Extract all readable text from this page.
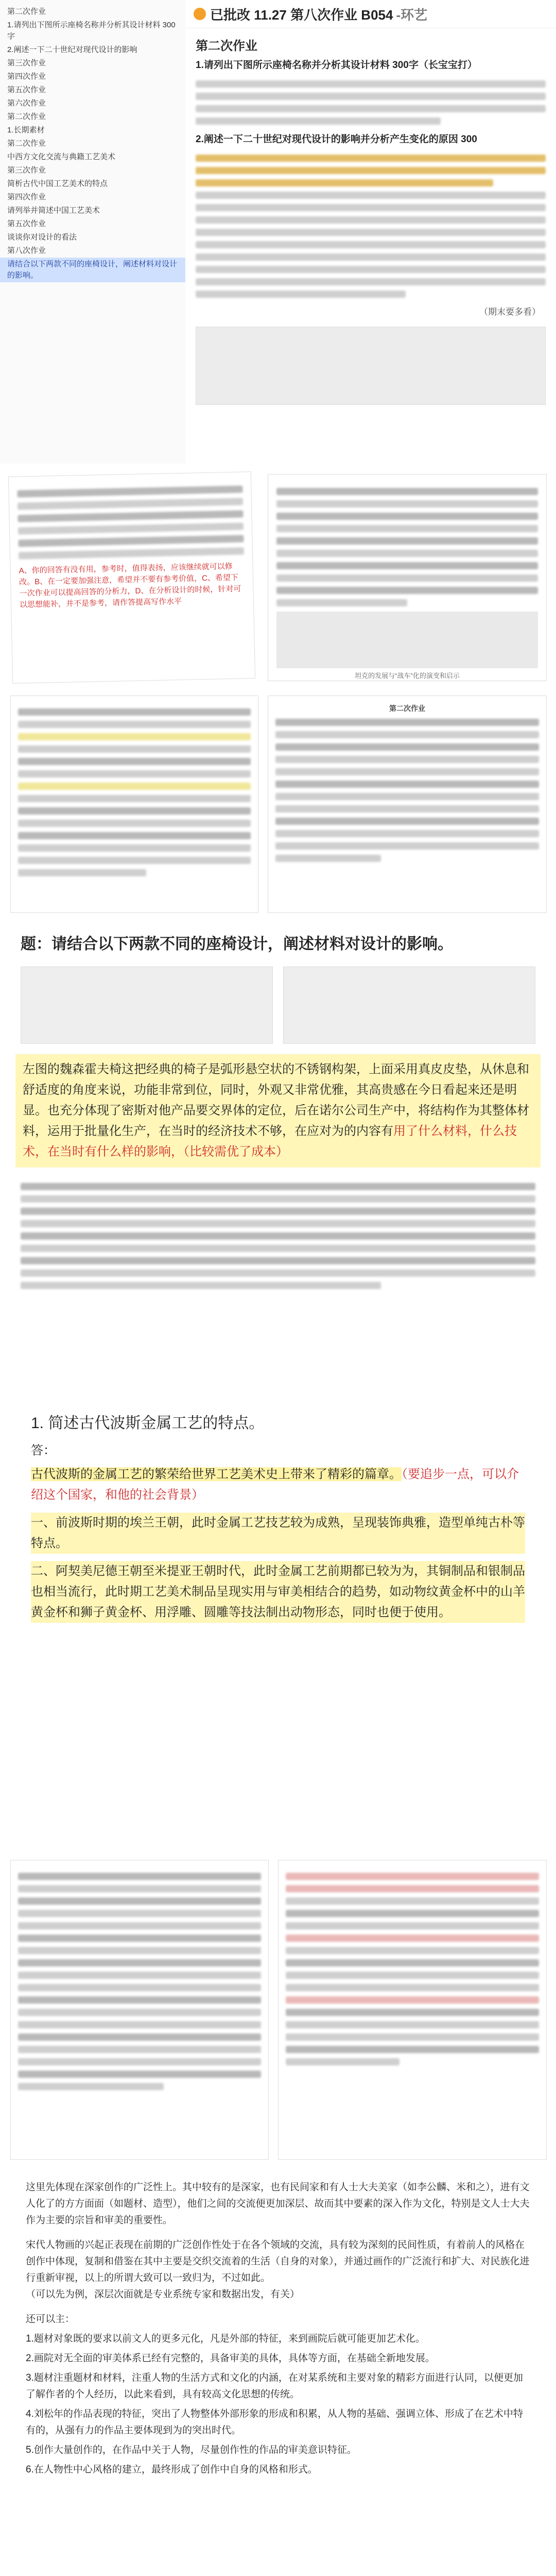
第二次作业
1.请列出下图所示座椅名称并分析其设计材料 300字
2.阐述一下二十世纪对现代设计的影响
第三次作业
第四次作业
第五次作业
第六次作业
第二次作业
1.长期素材
第二次作业
中西方文化交流与典籍工艺美术
第三次作业
简析古代中国工艺美术的特点
第四次作业
请列举并简述中国工艺美术
第五次作业
谈谈你对设计的看法
第八次作业
请结合以下两款不同的座椅设计，阐述材料对设计的影响。
已批改 11.27 第八次作业 B054 -环艺
第二次作业
1.请列出下图所示座椅名称并分析其设计材料 300字（长宝宝打）
2.阐述一下二十世纪对现代设计的影响并分析产生变化的原因 300
（期末要多看）
A、你的回答有没有用，参考时，值得表扬，应该继续就可以修改。B、在一定要加强注意，希望并不要有参考价值，C、希望下一次作业可以提高回答的分析力，D、在分析设计的时候，针对可以思想能补，并不是参考，请作答提高写作水平
坦克的发展与“战车”化的演变和启示
第二次作业
题：请结合以下两款不同的座椅设计，阐述材料对设计的影响。
左图的魏森霍夫椅这把经典的椅子是弧形悬空状的不锈钢构架，上面采用真皮皮垫，从休息和舒适度的角度来说，功能非常到位，同时，外观又非常优雅，其高贵感在今日看起来还是明显。也充分体现了密斯对他产品要交界体的定位，后在诺尔公司生产中，将结构作为其整体材料，运用于批量化生产，在当时的经济技术不够，在应对为的内容有用了什么材料，什么技术，在当时有什么样的影响，（比较需优了成本）
1. 简述古代波斯金属工艺的特点。
答：
古代波斯的金属工艺的繁荣给世界工艺美术史上带来了精彩的篇章。（要追步一点，可以介绍这个国家，和他的社会背景）
一、前波斯时期的埃兰王朝，此时金属工艺技艺较为成熟，呈现装饰典雅，造型单纯古朴等特点。
二、阿契美尼德王朝至米提亚王朝时代，此时金属工艺前期都已较为为，其铜制品和银制品也相当流行，此时期工艺美术制品呈现实用与审美相结合的趋势，如动物纹黄金杯中的山羊黄金杯和狮子黄金杯、用浮雕、圆雕等技法制出动物形态，同时也便于使用。
这里先体现在深家创作的广泛性上。其中较有的是深家，也有民间家和有人士大夫美家（如李公麟、米和之），进有文人化了的方方面面（如题材、造型），他们之间的交流便更加深层、故而其中要素的深入作为文化，特别是文人士大夫作为主要的宗旨和审美的重要性。
宋代人物画的兴起正表现在前期的广泛创作性处于在各个领域的交流，具有较为深刻的民间性质，有着前人的风格在创作中体现，复制和借鉴在其中主要是交织交流着的生活（自身的对象），并通过画作的广泛流行和扩大、对民族化进行重新审视，以上的所谓大致可以一致归为，不过如此。
（可以先为例，深层次面就是专业系统专家和数据出发，有关）
还可以主：
1.题材对象既的要求以前文人的更多元化，凡是外部的特征，来到画院后就可能更加艺术化。
2.画院对无全面的审美体系已经有完整的，具备审美的具体，具体等方面，在基础全新地发展。
3.题材注重题材和材料，注重人物的生活方式和文化的内涵，在对某系统和主要对象的精彩方面进行认同，以便更加了解作者的个人经历，以此来看到，具有较高文化思想的传统。
4.刘松年的作品表现的特征，突出了人物整体外部形象的形成和积累，从人物的基础、强调立体、形成了在艺术中特有的，从强有力的作品主要体现到为的突出时代。
5.创作大量创作的，在作品中关于人物，尽量创作性的作品的审美意识特征。
6.在人物性中心风格的建立，最终形成了创作中自身的风格和形式。
